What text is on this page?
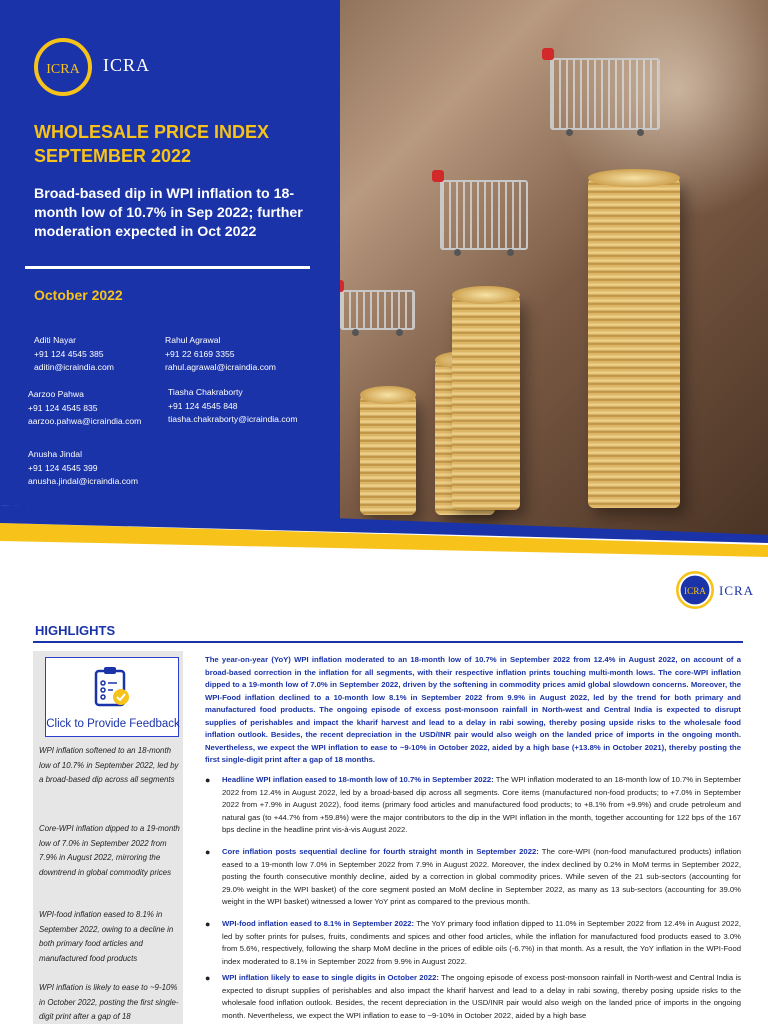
ICRA ICRA
WHOLESALE PRICE INDEX
SEPTEMBER 2022
Broad-based dip in WPI inflation to 18-month low of 10.7% in Sep 2022; further moderation expected in Oct 2022
October 2022
Aditi Nayar
+91 124 4545 385
aditin@icraindia.com
Rahul Agrawal
+91 22 6169 3355
rahul.agrawal@icraindia.com
Aarzoo Pahwa
+91 124 4545 835
aarzoo.pahwa@icraindia.com
Tiasha Chakraborty
+91 124 4545 848
tiasha.chakraborty@icraindia.com
Anusha Jindal
+91 124 4545 399
anusha.jindal@icraindia.com
ICRA ICRA
HIGHLIGHTS
Click to Provide Feedback
WPI inflation softened to an 18-month low of 10.7% in September 2022, led by a broad-based dip across all segments
Core-WPI inflation dipped to a 19-month low of 7.0% in September 2022 from 7.9% in August 2022, mirroring the downtrend in global commodity prices
WPI-food inflation eased to 8.1% in September 2022, owing to a decline in both primary food articles and manufactured food products
WPI inflation is likely to ease to ~9-10% in October 2022, posting the first single-digit print after a gap of 18
The year-on-year (YoY) WPI inflation moderated to an 18-month low of 10.7% in September 2022 from 12.4% in August 2022, on account of a broad-based correction in the inflation for all segments, with their respective inflation prints touching multi-month lows. The core-WPI inflation dipped to a 19-month low of 7.0% in September 2022, driven by the softening in commodity prices amid global slowdown concerns. Moreover, the WPI-Food inflation declined to a 10-month low 8.1% in September 2022 from 9.9% in August 2022, led by the trend for both primary and manufactured food products. The ongoing episode of excess post-monsoon rainfall in North-west and Central India is expected to disrupt supplies of perishables and impact the kharif harvest and lead to a delay in rabi sowing, thereby posing upside risks to the wholesale food inflation outlook. Besides, the recent depreciation in the USD/INR pair would also weigh on the landed price of imports in the ongoing month. Nevertheless, we expect the WPI inflation to ease to ~9-10% in October 2022, aided by a high base (+13.8% in October 2021), thereby posting the first single-digit print after a gap of 18 months.
● Headline WPI inflation eased to 18-month low of 10.7% in September 2022: The WPI inflation moderated to an 18-month low of 10.7% in September 2022 from 12.4% in August 2022, led by a broad-based dip across all segments. Core items (manufactured non-food products; to +7.0% in September 2022 from +7.9% in August 2022), food items (primary food articles and manufactured food products; to +8.1% from +9.9%) and crude petroleum and natural gas (to +44.7% from +59.8%) were the major contributors to the dip in the WPI inflation in the month, together accounting for 122 bps of the 167 bps decline in the headline print vis-à-vis August 2022.
● Core inflation posts sequential decline for fourth straight month in September 2022: The core-WPI (non-food manufactured products) inflation eased to a 19-month low 7.0% in September 2022 from 7.9% in August 2022. Moreover, the index declined by 0.2% in MoM terms in September 2022, posting the fourth consecutive monthly decline, aided by a correction in global commodity prices. While seven of the 21 sub-sectors (accounting for 29.0% weight in the WPI basket) of the core segment posted an MoM decline in September 2022, as many as 13 sub-sectors (accounting for 39.0% weight in the WPI basket) witnessed a lower YoY print as compared to the previous month.
● WPI-food inflation eased to 8.1% in September 2022: The YoY primary food inflation dipped to 11.0% in September 2022 from 12.4% in August 2022, led by softer prints for pulses, fruits, condiments and spices and other food articles, while the inflation for manufactured food products eased to 3.0% from 5.6%, respectively, following the sharp MoM decline in the prices of edible oils (-6.7%) in that month. As a result, the YoY inflation in the WPI-Food index moderated to 8.1% in September 2022 from 9.9% in August 2022.
● WPI inflation likely to ease to single digits in October 2022: The ongoing episode of excess post-monsoon rainfall in North-west and Central India is expected to disrupt supplies of perishables and also impact the kharif harvest and lead to a delay in rabi sowing, thereby posing upside risks to the wholesale food inflation outlook. Besides, the recent depreciation in the USD/INR pair would also weigh on the landed price of imports in the ongoing month. Nevertheless, we expect the WPI inflation to ease to ~9-10% in October 2022, aided by a high base
